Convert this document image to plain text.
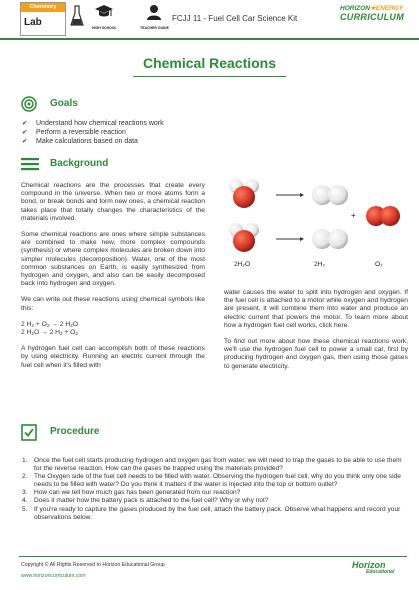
Chemistry
Lab	HIGH SCHOOL	TEACHER GUIDE
FCJJ 11 - Fuel Cell Car Science Kit
HORIZON★ENERGY
CURRICULUM
Chemical Reactions
Goals
✔ Understand how chemical reactions work
✔ Perform a reversible reaction
✔ Make calculations based on data
Background

Chemical reactions are the processes that create every compound in the universe. When two or more atoms form a bond, or break bonds and form new ones, a chemical reaction takes place that totally changes the characteristics of the materials involved.

Some chemical reactions are ones where simple substances are combined to make new, more complex compounds (synthesis) or where complex molecules are broken down into simpler molecules (decomposition). Water, one of the most common substances on Earth, is easily synthesized from hydrogen and oxygen, and also can be easily decomposed back into hydrogen and oxygen.

We can write out these reactions using chemical symbols like this:

2 $H_2 + O_2 \to 2$ $H_2O$
2 $H_2O \to 2$ $H_2 + O_2$

A hydrogen fuel cell can accomplish both of these reactions by using electricity. Running an electric current through the fuel cell when it's filled with

2H₂O	2H₂
+
O₂

water causes the water to split into hydrogen and oxygen. If the fuel cell is attached to a motor while oxygen and hydrogen are present, it will combine them into water and produce an electric current that powers the motor. To learn more about how a hydrogen fuel cell works, click here.

To find out more about how these chemical reactions work, we'll use the hydrogen fuel cell to power a small car, first by producing hydrogen and oxygen gas, then using those gases to generate electricity.

Procedure
1. Once the fuel cell starts producing hydrogen and oxygen gas from water, we will need to trap the gases to be able to use them for the reverse reaction. How can the gases be trapped using the materials provided?
2. The Oxygen side of the fuel cell needs to be filled with water. Observing the hydrogen fuel cell, why do you think only one side needs to be filled with water? Do you think it matters if the water is injected into the top or bottom outlet?
3. How can we tell how much gas has been generated from our reaction?
4. Does it matter how the battery pack is attached to the fuel cell? Why or why not?
5. If you're ready to capture the gases produced by the fuel cell, attach the battery pack. Observe what happens and record your observations below.
Copyright © All Rights Reserved to Horizon Educational Group
www.horizoncurriculum.com
Horizon
Educational
